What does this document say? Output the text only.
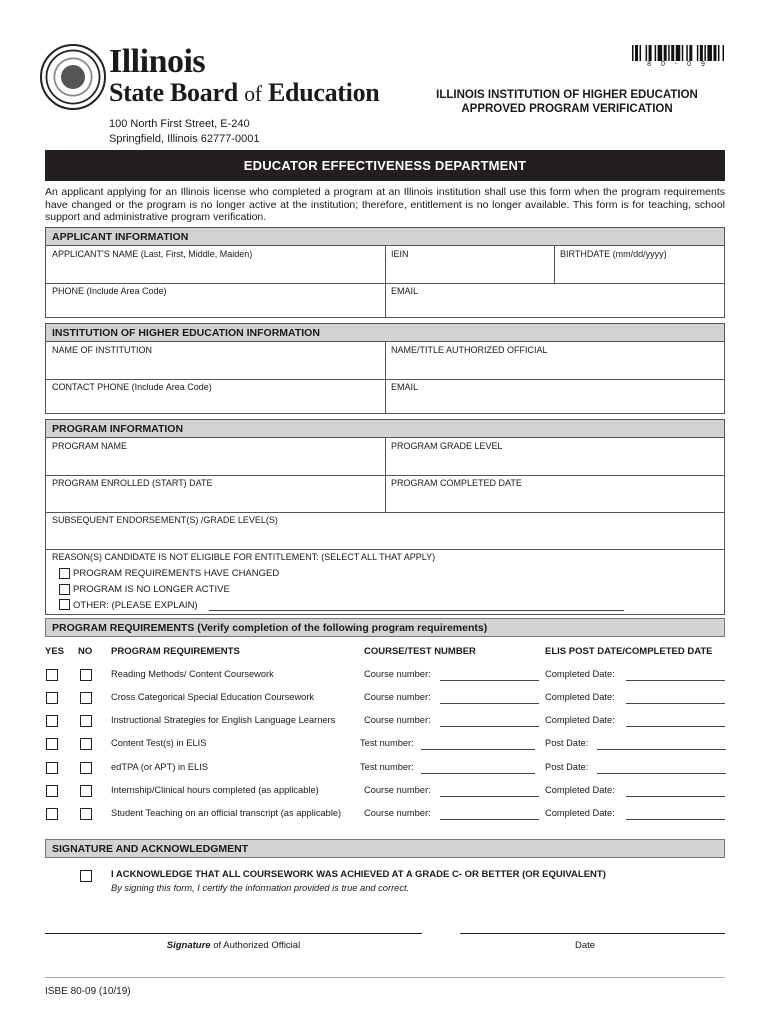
Illinois
State Board of Education
100 North First Street, E-240
Springfield, Illinois 62777-0001
8 0 - 0 9
ILLINOIS INSTITUTION OF HIGHER EDUCATION
APPROVED PROGRAM VERIFICATION
EDUCATOR EFFECTIVENESS DEPARTMENT
An applicant applying for an Illinois license who completed a program at an Illinois institution shall use this form when the program requirements have changed or the program is no longer active at the institution; therefore, entitlement is no longer available. This form is for teaching, school support and administrative program verification.
APPLICANT INFORMATION
APPLICANT'S NAME (Last, First, Middle, Maiden)	IEIN	BIRTHDATE (mm/dd/yyyy)
PHONE (Include Area Code)	EMAIL
INSTITUTION OF HIGHER EDUCATION INFORMATION
NAME OF INSTITUTION	NAME/TITLE AUTHORIZED OFFICIAL
CONTACT PHONE (Include Area Code)	EMAIL
PROGRAM INFORMATION
PROGRAM NAME	PROGRAM GRADE LEVEL
PROGRAM ENROLLED (START) DATE	PROGRAM COMPLETED DATE
SUBSEQUENT ENDORSEMENT(S) /GRADE LEVEL(S)
REASON(S) CANDIDATE IS NOT ELIGIBLE FOR ENTITLEMENT: (SELECT ALL THAT APPLY)
PROGRAM REQUIREMENTS HAVE CHANGED
PROGRAM IS NO LONGER ACTIVE
OTHER: (PLEASE EXPLAIN)
PROGRAM REQUIREMENTS (Verify completion of the following program requirements)
YES NO PROGRAM REQUIREMENTS	COURSE/TEST NUMBER	ELIS POST DATE/COMPLETED DATE
Reading Methods/ Content Coursework	Course number:	Completed Date:
Cross Categorical Special Education Coursework	Course number:	Completed Date:
Instructional Strategies for English Language Learners	Course number:	Completed Date:
Content Test(s) in ELIS	Test number:	Post Date:
edTPA (or APT) in ELIS	Test number:	Post Date:
Internship/Clinical hours completed (as applicable)	Course number:	Completed Date:
Student Teaching on an official transcript (as applicable) Course number:	Completed Date:
SIGNATURE AND ACKNOWLEDGMENT
I ACKNOWLEDGE THAT ALL COURSEWORK WAS ACHIEVED AT A GRADE C- OR BETTER (OR EQUIVALENT)
By signing this form, I certify the information provided is true and correct.
Signature of Authorized Official	Date
ISBE 80-09 (10/19)
